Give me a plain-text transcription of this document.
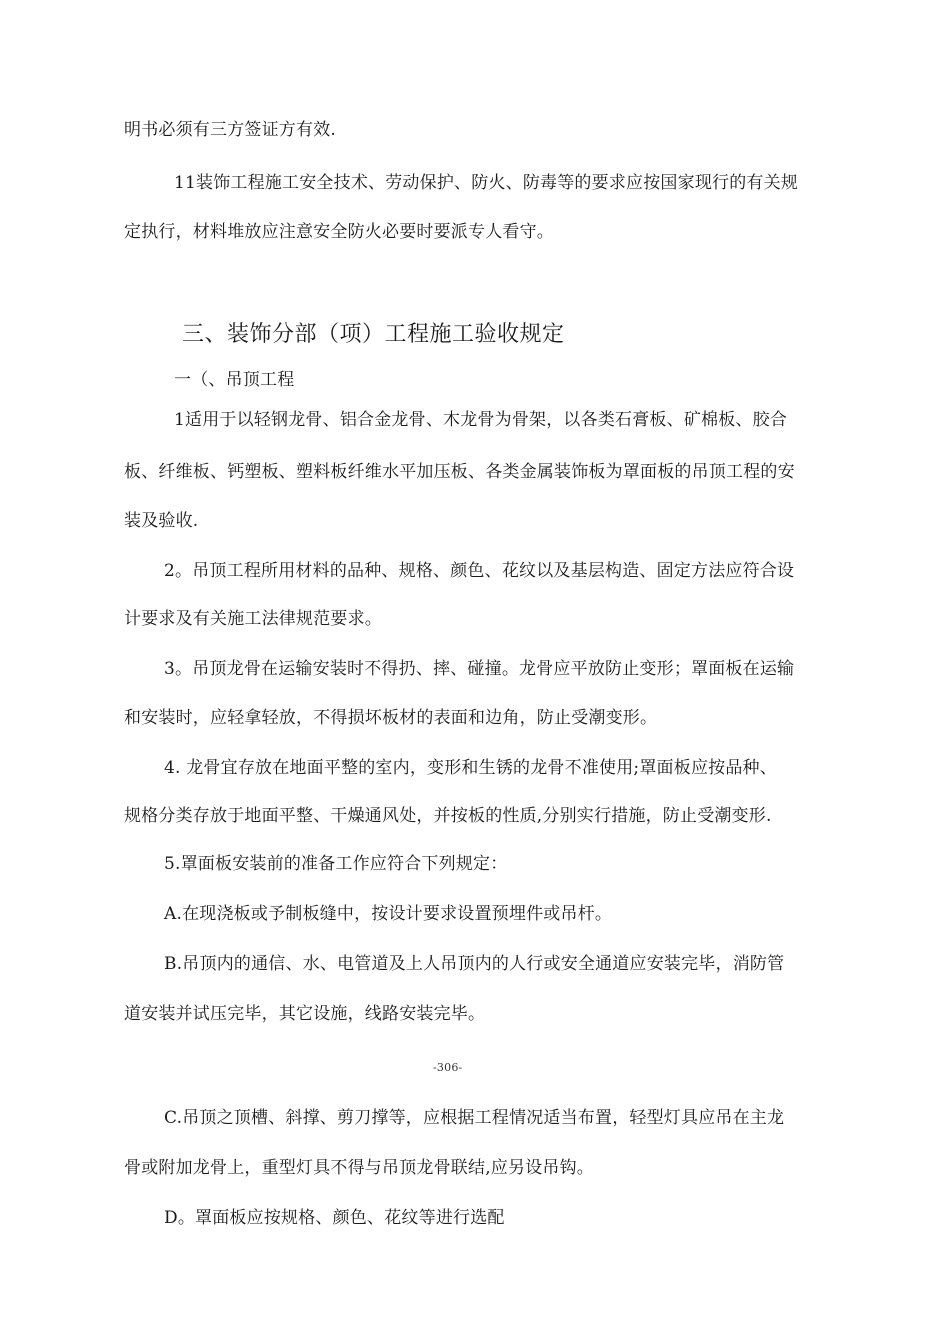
明书必须有三方签证方有效.
11装饰工程施工安全技术、劳动保护、防火、防毒等的要求应按国家现行的有关规
定执行，材料堆放应注意安全防火必要时要派专人看守。
三、装饰分部（项）工程施工验收规定
一（、吊顶工程
1适用于以轻钢龙骨、铝合金龙骨、木龙骨为骨架，以各类石膏板、矿棉板、胶合
板、纤维板、钙塑板、塑料板纤维水平加压板、各类金属装饰板为罩面板的吊顶工程的安
装及验收.
2。吊顶工程所用材料的品种、规格、颜色、花纹以及基层构造、固定方法应符合设
计要求及有关施工法律规范要求。
3。吊顶龙骨在运输安装时不得扔、摔、碰撞。龙骨应平放防止变形；罩面板在运输
和安装时，应轻拿轻放，不得损坏板材的表面和边角，防止受潮变形。
4. 龙骨宜存放在地面平整的室内，变形和生锈的龙骨不准使用;罩面板应按品种、
规格分类存放于地面平整、干燥通风处，并按板的性质,分别实行措施，防止受潮变形.
5.罩面板安装前的准备工作应符合下列规定：
A.在现浇板或予制板缝中，按设计要求设置预埋件或吊杆。
B.吊顶内的通信、水、电管道及上人吊顶内的人行或安全通道应安装完毕，消防管
道安装并试压完毕，其它设施，线路安装完毕。
-306-
C.吊顶之顶槽、斜撑、剪刀撑等，应根据工程情况适当布置，轻型灯具应吊在主龙
骨或附加龙骨上，重型灯具不得与吊顶龙骨联结,应另设吊钩。
D。罩面板应按规格、颜色、花纹等进行选配
